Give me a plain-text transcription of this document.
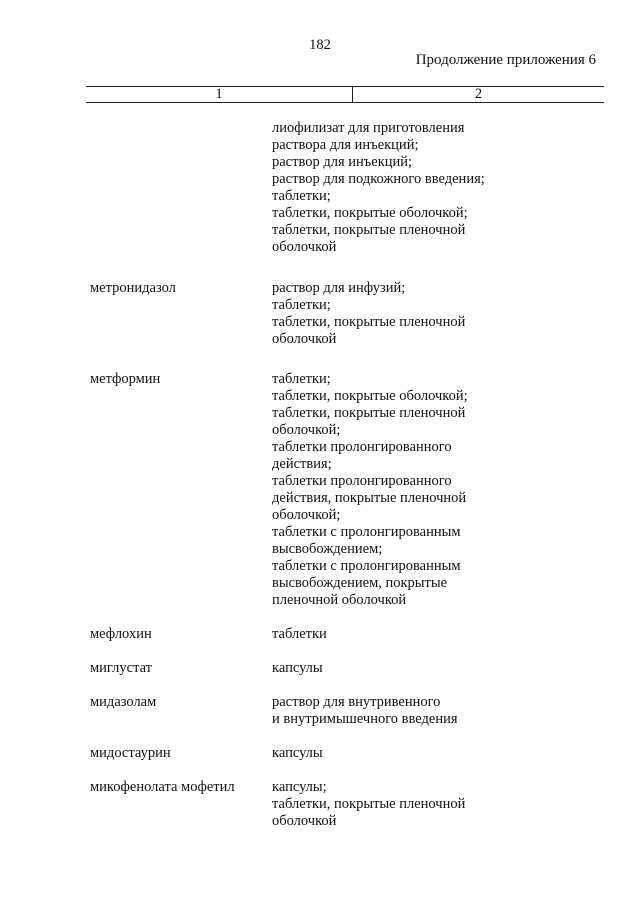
182
Продолжение приложения 6
1	2
лиофилизат для приготовления
раствора для инъекций;
раствор для инъекций;
раствор для подкожного введения;
таблетки;
таблетки, покрытые оболочкой;
таблетки, покрытые пленочной
оболочкой
метронидазол	раствор для инфузий;
таблетки;
таблетки, покрытые пленочной
оболочкой
метформин	таблетки;
таблетки, покрытые оболочкой;
таблетки, покрытые пленочной
оболочкой;
таблетки пролонгированного
действия;
таблетки пролонгированного
действия, покрытые пленочной
оболочкой;
таблетки с пролонгированным
высвобождением;
таблетки с пролонгированным
высвобождением, покрытые
пленочной оболочкой
мефлохин	таблетки
миглустат	капсулы
мидазолам	раствор для внутривенного
и внутримышечного введения
мидостаурин	капсулы
микофенолата мофетил	капсулы;
таблетки, покрытые пленочной
оболочкой
